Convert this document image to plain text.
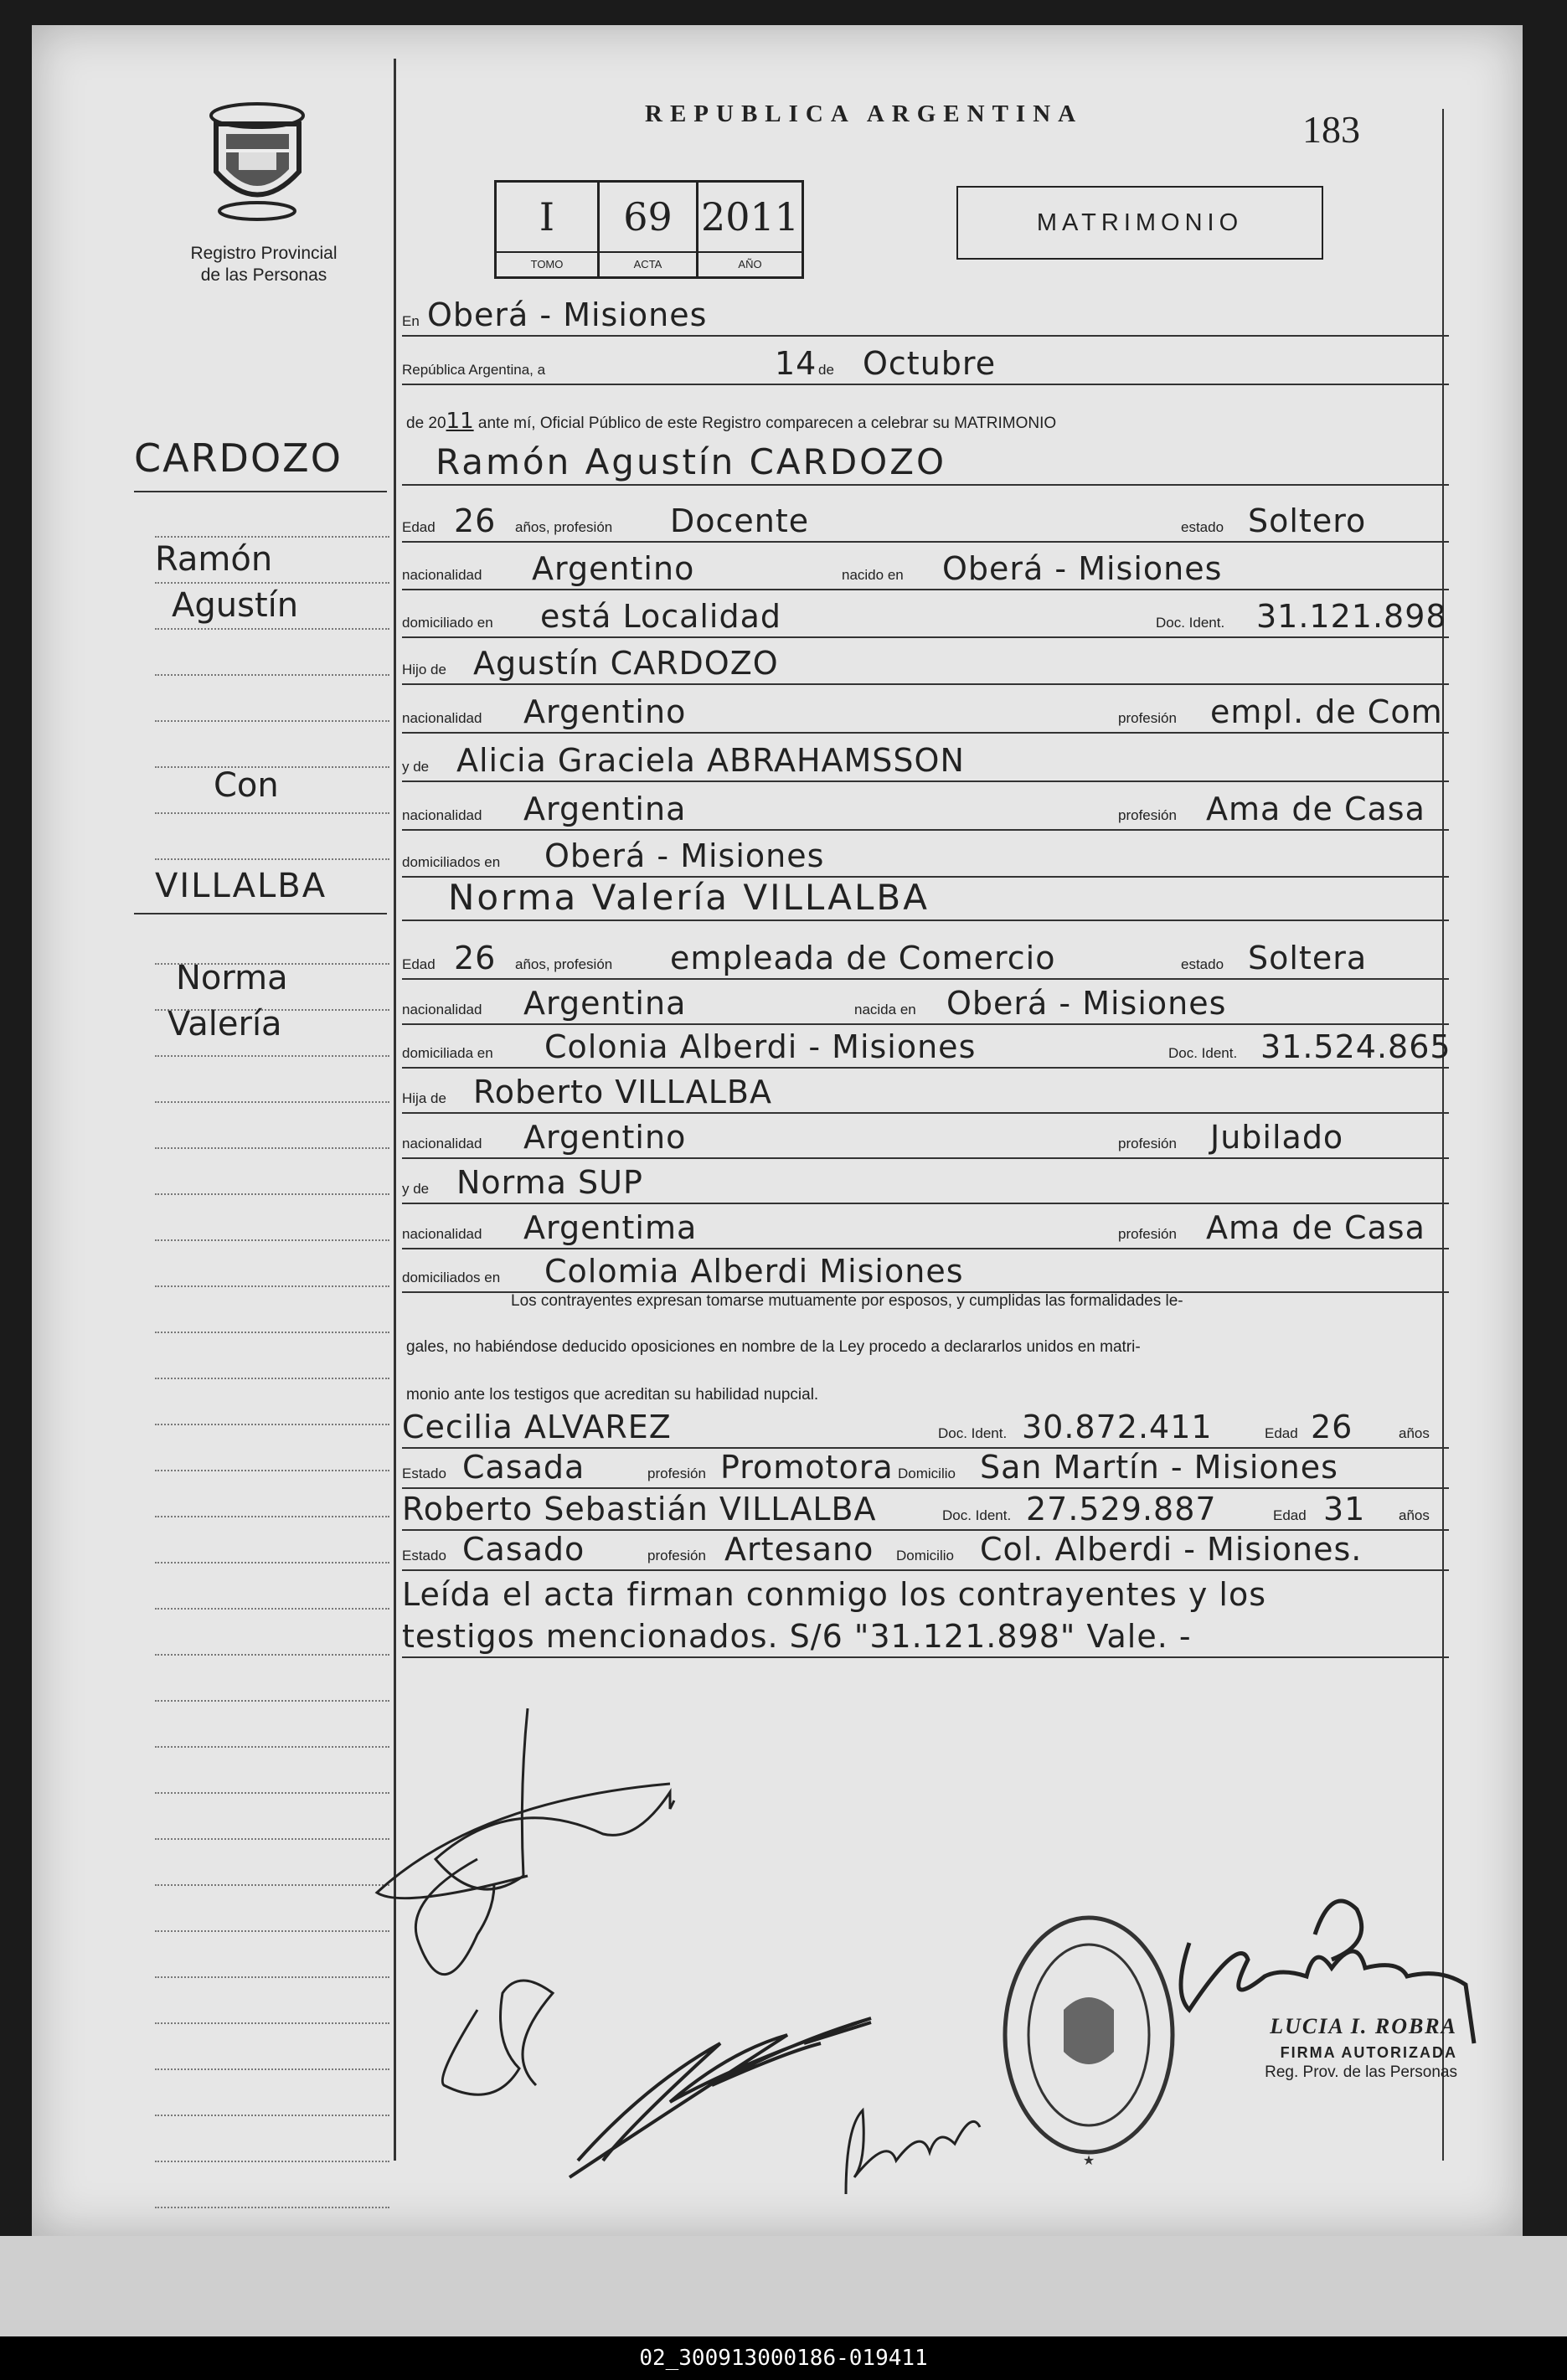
Registro Provincial
de las Personas
REPUBLICA ARGENTINA	183
I	69 2011
TOMO	ACTA	AÑO
MATRIMONIO
En Oberá - Misiones
República Argentina, a	14 de Octubre
de 2011 ante mí, Oficial Público de este Registro comparecen a celebrar su MATRIMONIO
Ramón Agustín CARDOZO
Edad 26 años, profesión Docente	estado Soltero
nacionalidad Argentino	nacido en Oberá - Misiones
domiciliado en está Localidad	Doc. Ident. 31.121.898
Hijo de Agustín CARDOZO
nacionalidad Argentino	profesión empl. de Com
y de Alicia Graciela ABRAHAMSSON
nacionalidad Argentina	profesión Ama de Casa
domiciliados en Oberá - Misiones
Norma Valería VILLALBA
Edad 26 años, profesión empleada de Comercio	estado Soltera
nacionalidad Argentina	nacida en Oberá - Misiones
domiciliada en Colonia Alberdi - Misiones	Doc. Ident. 31.524.865
Hija de Roberto VILLALBA
nacionalidad Argentino	profesión Jubilado
y de Norma SUP
nacionalidad Argentima	profesión Ama de Casa
domiciliados en Colomia Alberdi Misiones
Los contrayentes expresan tomarse mutuamente por esposos, y cumplidas las formalidades le-
gales, no habiéndose deducido oposiciones en nombre de la Ley procedo a declararlos unidos en matri-
monio ante los testigos que acreditan su habilidad nupcial.
Cecilia ALVAREZ	Doc. Ident. 30.872.411	Edad 26	años
Estado Casada	profesión Promotora Domicilio San Martín - Misiones
Roberto Sebastián VILLALBA	Doc. Ident. 27.529.887	Edad 31 años
Estado Casado	profesión Artesano Domicilio Col. Alberdi - Misiones.
Leída el acta firman conmigo los contrayentes y los
testigos mencionados. S/6 "31.121.898" Vale. -
CARDOZO
Ramón
Agustín
Con
VILLALBA
Norma
Valería
★
LUCIA I. ROBRA
FIRMA AUTORIZADA
Reg. Prov. de las Personas
02_300913000186-019411
